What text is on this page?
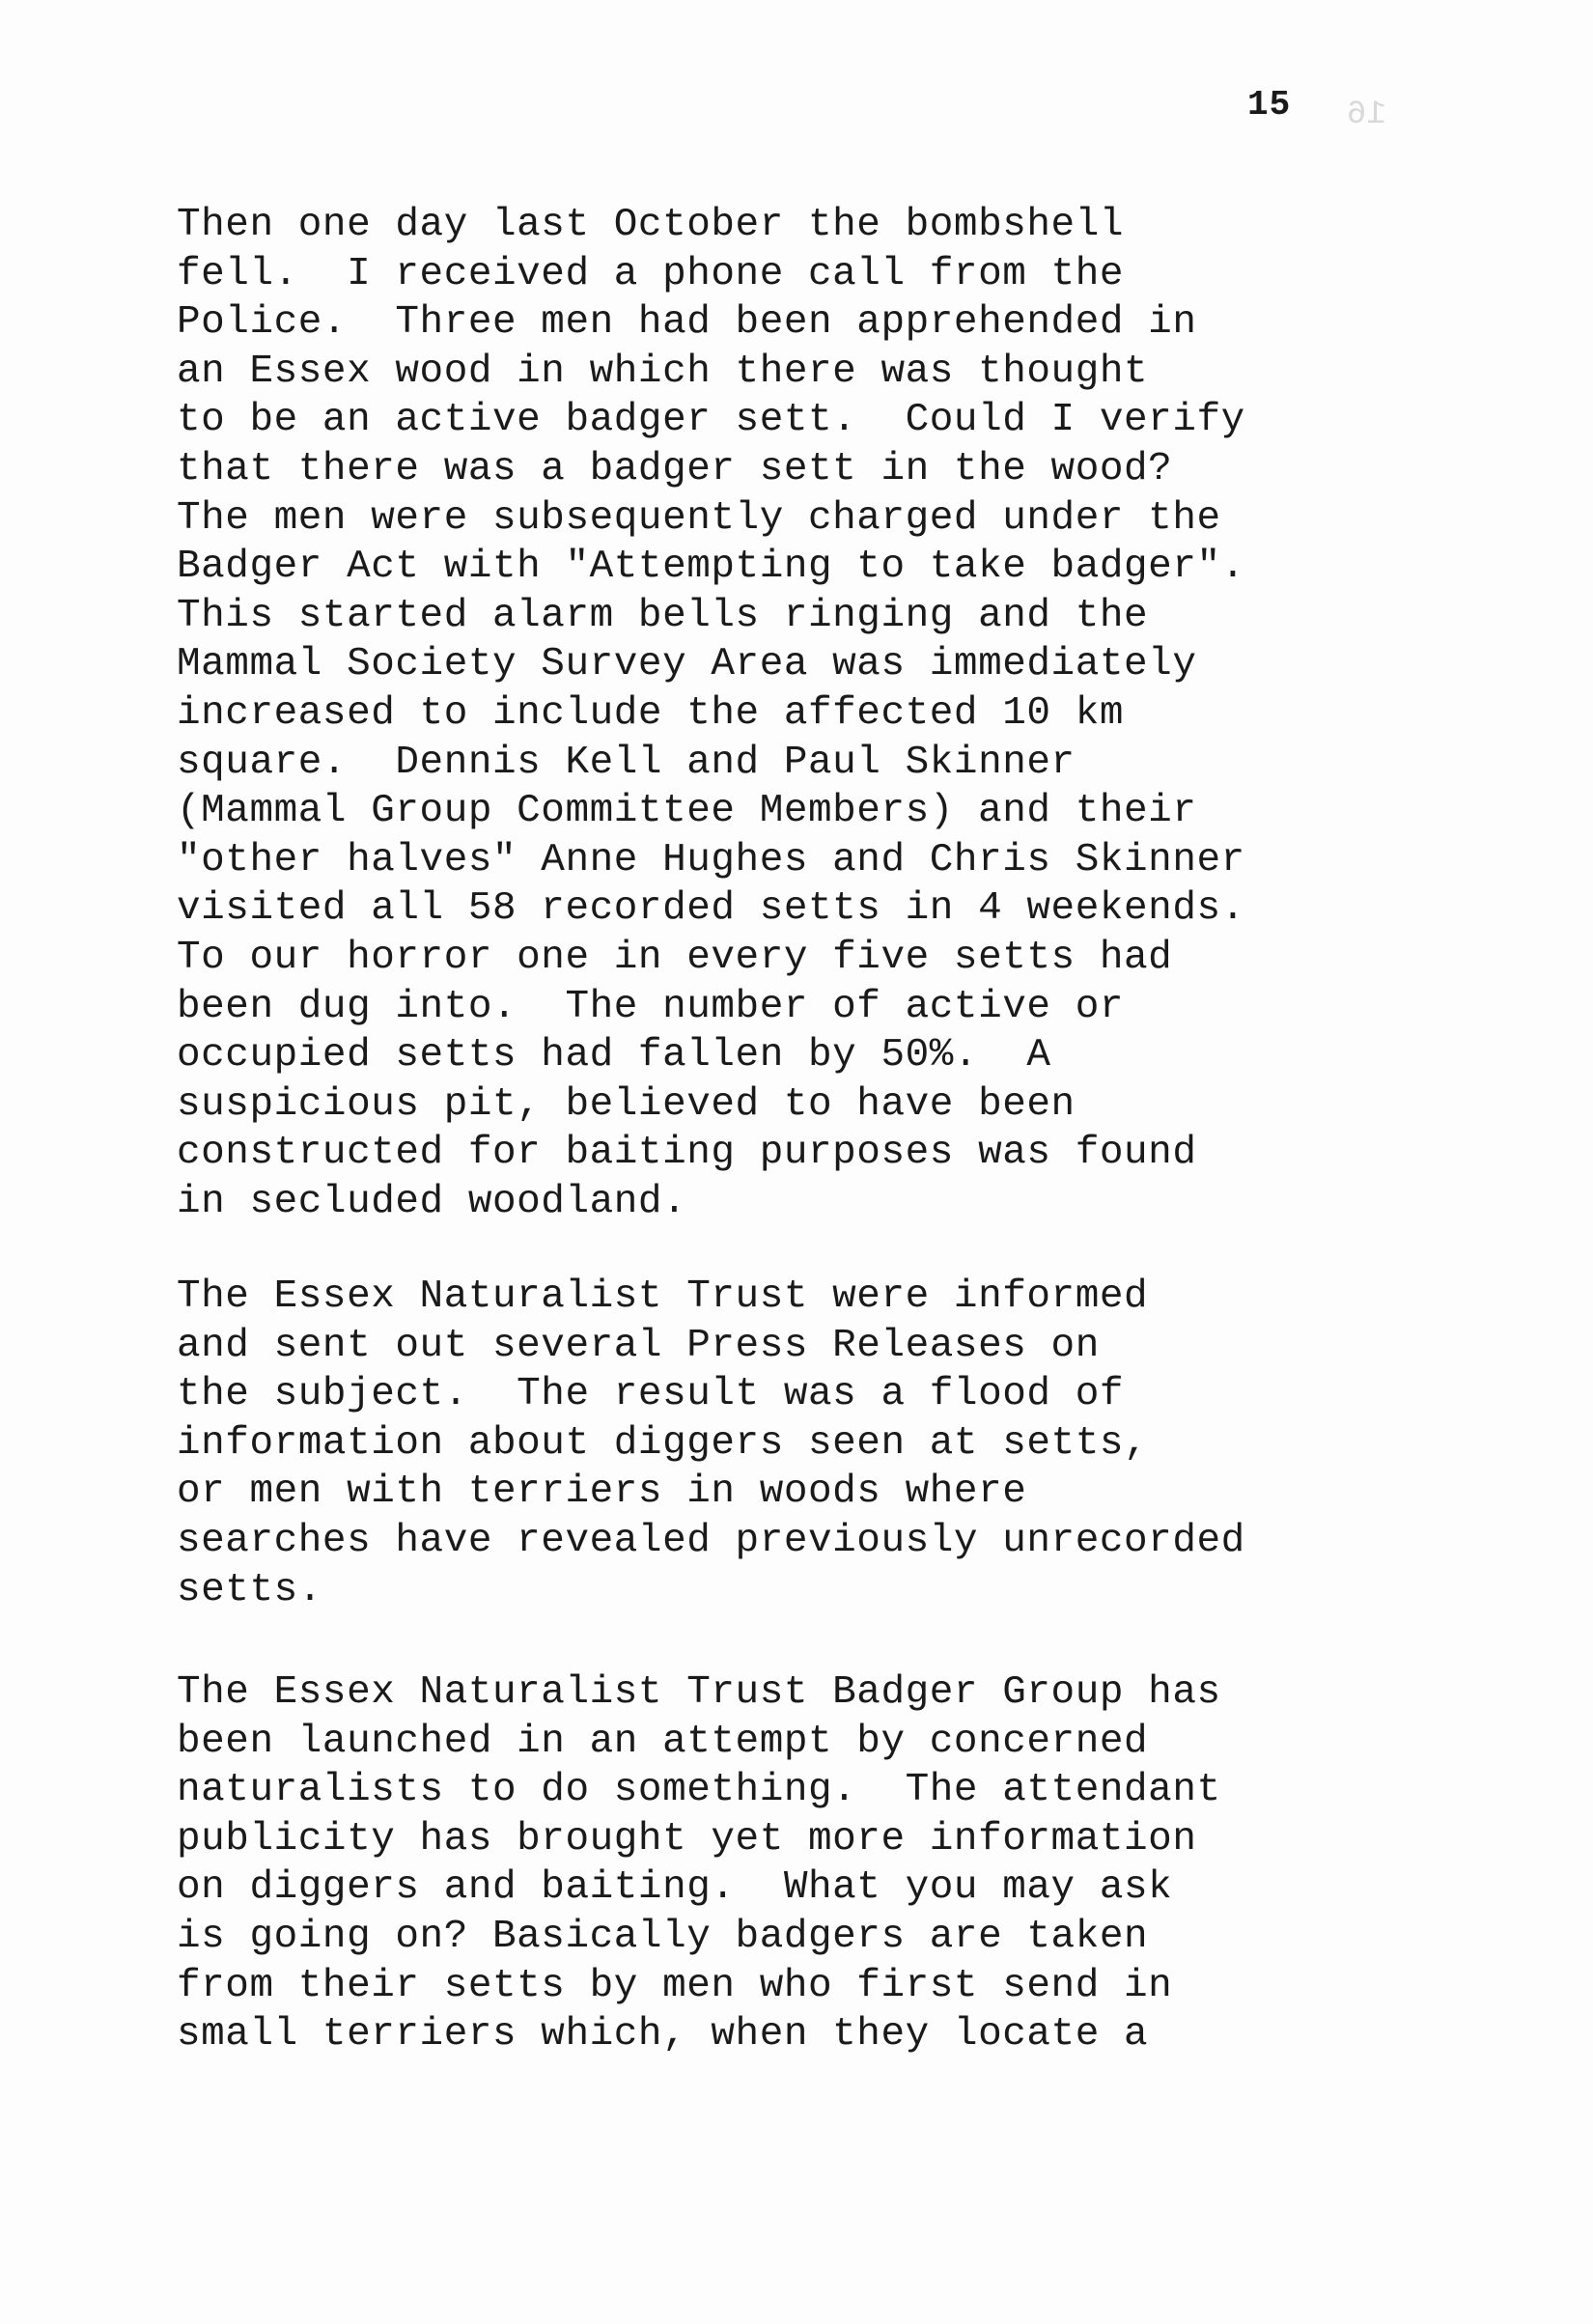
16
15
Then one day last October the bombshell
fell.  I received a phone call from the
Police.  Three men had been apprehended in
an Essex wood in which there was thought
to be an active badger sett.  Could I verify
that there was a badger sett in the wood?
The men were subsequently charged under the
Badger Act with "Attempting to take badger".
This started alarm bells ringing and the
Mammal Society Survey Area was immediately
increased to include the affected 10 km
square.  Dennis Kell and Paul Skinner
(Mammal Group Committee Members) and their
"other halves" Anne Hughes and Chris Skinner
visited all 58 recorded setts in 4 weekends.
To our horror one in every five setts had
been dug into.  The number of active or
occupied setts had fallen by 50%.  A
suspicious pit, believed to have been
constructed for baiting purposes was found
in secluded woodland.
The Essex Naturalist Trust were informed
and sent out several Press Releases on
the subject.  The result was a flood of
information about diggers seen at setts,
or men with terriers in woods where
searches have revealed previously unrecorded
setts.
The Essex Naturalist Trust Badger Group has
been launched in an attempt by concerned
naturalists to do something.  The attendant
publicity has brought yet more information
on diggers and baiting.  What you may ask
is going on? Basically badgers are taken
from their setts by men who first send in
small terriers which, when they locate a
